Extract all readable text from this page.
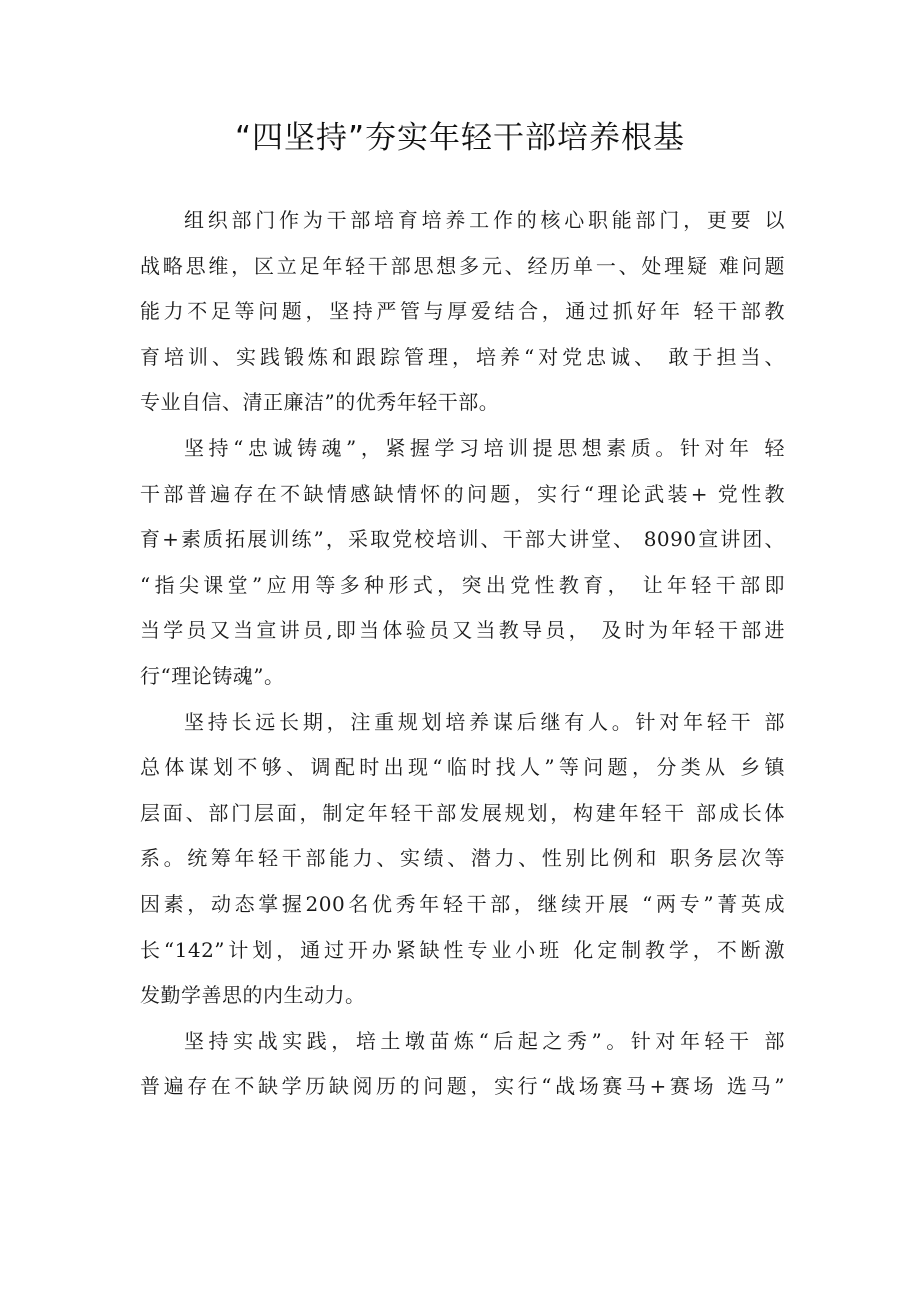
“四坚持”夯实年轻干部培养根基
组织部门作为干部培育培养工作的核心职能部门，更要 以
战略思维，区立足年轻干部思想多元、经历单一、处理疑 难问题
能力不足等问题，坚持严管与厚爱结合，通过抓好年 轻干部教
育培训、实践锻炼和跟踪管理，培养“对党忠诚、 敢于担当、
专业自信、清正廉洁”的优秀年轻干部。
坚持“忠诚铸魂”，紧握学习培训提思想素质。针对年 轻
干部普遍存在不缺情感缺情怀的问题，实行“理论武装+ 党性教
育+素质拓展训练”，采取党校培训、干部大讲堂、 8090宣讲团、
“指尖课堂”应用等多种形式，突出党性教育， 让年轻干部即
当学员又当宣讲员,即当体验员又当教导员， 及时为年轻干部进
行“理论铸魂”。
坚持长远长期，注重规划培养谋后继有人。针对年轻干 部
总体谋划不够、调配时出现“临时找人”等问题，分类从 乡镇
层面、部门层面，制定年轻干部发展规划，构建年轻干 部成长体
系。统筹年轻干部能力、实绩、潜力、性别比例和 职务层次等
因素，动态掌握200名优秀年轻干部，继续开展 “两专”菁英成
长“142”计划，通过开办紧缺性专业小班 化定制教学，不断激
发勤学善思的内生动力。
坚持实战实践，培土墩苗炼“后起之秀”。针对年轻干 部
普遍存在不缺学历缺阅历的问题，实行“战场赛马+赛场 选马”
